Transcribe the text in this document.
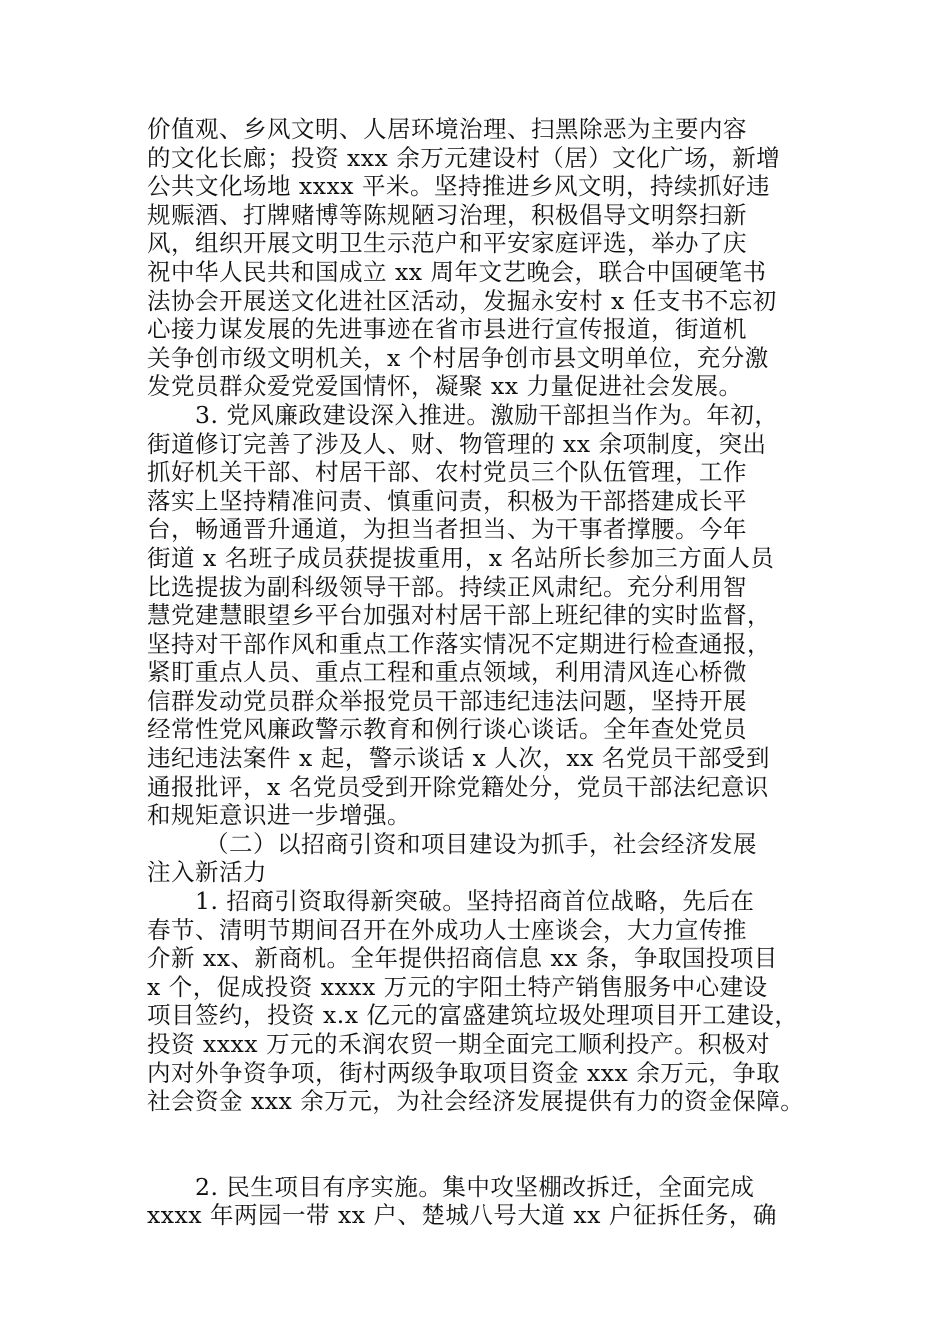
价值观、乡风文明、人居环境治理、扫黑除恶为主要内容
的文化长廊；投资 xxx 余万元建设村（居）文化广场，新增
公共文化场地 xxxx 平米。坚持推进乡风文明，持续抓好违
规赈酒、打牌赌博等陈规陋习治理，积极倡导文明祭扫新
风，组织开展文明卫生示范户和平安家庭评选，举办了庆
祝中华人民共和国成立 xx 周年文艺晚会，联合中国硬笔书
法协会开展送文化进社区活动，发掘永安村 x 任支书不忘初
心接力谋发展的先进事迹在省市县进行宣传报道，街道机
关争创市级文明机关，x 个村居争创市县文明单位，充分激
发党员群众爱党爱国情怀，凝聚 xx 力量促进社会发展。
3. 党风廉政建设深入推进。激励干部担当作为。年初，
街道修订完善了涉及人、财、物管理的 xx 余项制度，突出
抓好机关干部、村居干部、农村党员三个队伍管理，工作
落实上坚持精准问责、慎重问责，积极为干部搭建成长平
台，畅通晋升通道，为担当者担当、为干事者撑腰。今年
街道 x 名班子成员获提拔重用，x 名站所长参加三方面人员
比选提拔为副科级领导干部。持续正风肃纪。充分利用智
慧党建慧眼望乡平台加强对村居干部上班纪律的实时监督，
坚持对干部作风和重点工作落实情况不定期进行检查通报，
紧盯重点人员、重点工程和重点领域，利用清风连心桥微
信群发动党员群众举报党员干部违纪违法问题，坚持开展
经常性党风廉政警示教育和例行谈心谈话。全年查处党员
违纪违法案件 x 起，警示谈话 x 人次，xx 名党员干部受到
通报批评，x 名党员受到开除党籍处分，党员干部法纪意识
和规矩意识进一步增强。
（二）以招商引资和项目建设为抓手，社会经济发展
注入新活力
1. 招商引资取得新突破。坚持招商首位战略，先后在
春节、清明节期间召开在外成功人士座谈会，大力宣传推
介新 xx、新商机。全年提供招商信息 xx 条，争取国投项目
x 个，促成投资 xxxx 万元的宇阳土特产销售服务中心建设
项目签约，投资 x.x 亿元的富盛建筑垃圾处理项目开工建设，
投资 xxxx 万元的禾润农贸一期全面完工顺利投产。积极对
内对外争资争项，街村两级争取项目资金 xxx 余万元，争取
社会资金 xxx 余万元，为社会经济发展提供有力的资金保障。
2. 民生项目有序实施。集中攻坚棚改拆迁，全面完成
xxxx 年两园一带 xx 户、楚城八号大道 xx 户征拆任务，确
